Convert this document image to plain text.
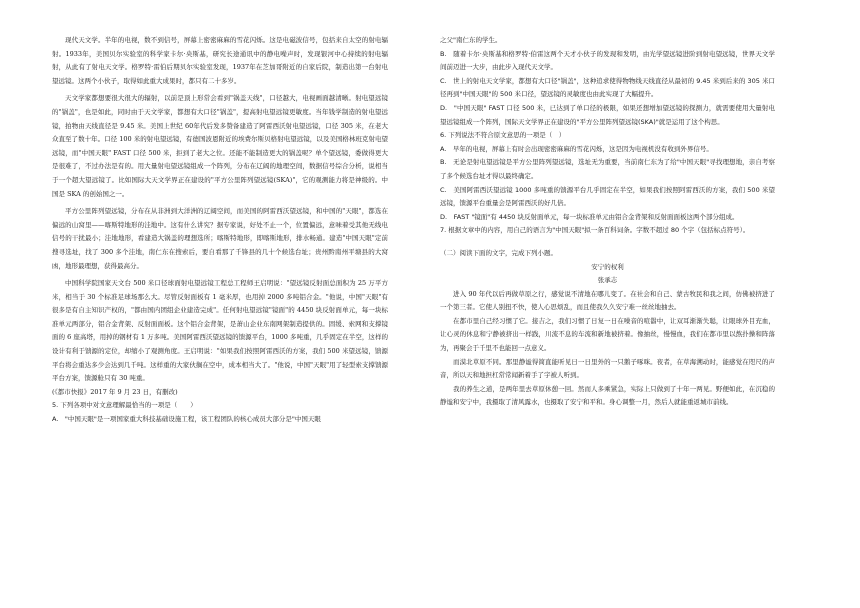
现代天文学。半年的电视，数不到信号，屏幕上密密麻麻的雪花闪烁。这是电磁波信号，包括来自太空的射电辐射。1933年，美国贝尔实验室的科学家卡尔·央斯基，研究长途通讯中的静电噪声时，发现银河中心持续的射电辐射，从此有了射电天文学。格罗特·雷伯后期贝尔实验室发现，1937年在芝加哥附近的自家后院，制造出第一台射电望远镜。这两个小伙子，取得如此重大成果时，都只有二十多岁。

天文学家都想要很大很大的辐射，以前是顶上形常会看到"锅盖天线"，口径越大，电视画面越清晰。射电望远镜的"锅盖"，也是如此，同时由于天文学家，都想有大口径"锅盖"，提高射电望远镜更敏度。当年钱学制造的射电望远镜，拍物由天线直径是 9.45 米。美国上世纪 60年代后发多赞备建造了阿雷西沃射电望远镜，口径 305 米，在老大众直至了数十年。口径 100 米的射电望远镜，有德国波恩附近的埃费尔斯贝格射电望远镜，以及美国格林班克射电望远镜，而"中国天眼" FAST 口径 500 米，拒到了老大之位。还能不能制造更大的锅盖呢？单个望远镜，委做得更大是很难了，不过办法是有的。用大量射电望远镜组成一个阵列，分布在辽阔的地理空间，数据信号综合分析，说相当于一个超大望远镜了。比如国际大天文学界正在建设的"平方公里阵列望远镜(SKA)"，它的观测能力将是神级的。中国是 SKA 的创始国之一。

平方公里阵列望远镜，分布在从非洲到大洋洲的辽阔空间，而美国的阿雷西沃望远镜，和中国的"天眼"，都选在偏远的山窝里——喀斯特地形的洼地中。这有什么讲究？据专家说，好处不止一个，位置偏远，意味着受其他无线电信号的干扰最小；洼地地形，看建造大锅盖的理想选所；喀斯特地形，即喀斯地形，排水畅通。建造"中国天眼"定前搜寻选址，找了 300 多个洼地，南仁东在搜索后，要自看那了千锋县的几十个候选台址；贵州黔南州平塘县的大窝凼，地形最理想，获得最高分。

中国科学院国家天文台 500 米口径球面射电望远镜工程总工程师王启明说："望远镜反射面总面积为 25 万平方米，相当于 30 个标准足球场那么大。尽管反射面板有 1 毫米厚，也用掉 2000 多吨铝合金。"他说，中国"天眼"有很多是有自主知识产权的，"都由国内团组企业建造完成"。任何射电望远镜"镜面"的 4450 块反射面单元，每一块标准单元两部分，铝合金背架、反射面面板。这个铝合金背架，是萧山企业东南网架制造提供的。固缓、索网和支撑镜面的 6 座高塔，用掉的钢材有 1 万多吨。美国阿雷西沃望远镜的馈源平台，1000 多吨重，几乎固定在半空，这样的设计有利于馈源的定位，却缩小了观测角度。王启明说："如果我们按照阿雷西沃的方案，我们 500 米望远镜，馈源平台将会重达多少会达到几千吨。这样重的大家伙搁在空中，成本相当大了。"他说，中国"天眼"用了轻型索支撑馈源平台方案，馈源舱只有 30 吨重。

(《都市快报》2017 年 9 月 23 日，有删改)

5. 下列各项中对文意理解最恰当的一项是（　　）

A.　"中国天眼"是一项国家重大科技基础设施工程，该工程团队的核心成员大部分是"中国天眼

之父"南仁东的学生。

B.　随着卡尔·央斯基和格罗特·伯雷这两个天才小伙子的发现和发明，由光学望远镜进阶到射电望远镜，世界天文学间前迈进一大步，由此步入现代天文学。

C.　世上的射电天文学家，都想有大口径"锅盖"，这种追求使得物物线天线直径从最初的 9.45 米到后来的 305 米口径再到"中国天眼"的 500 米口径，望远镜的灵敏度也由此实现了大幅提升。

D.　"中国天眼" FAST 口径 500 米，已达到了单口径的极限，如果还想增加望远镜的探测力，就需要使用大量射电望远镜组成一个阵列，国际天文学界正在建设的"平方公里阵列望远镜(SKA)"就是运用了这个构思。

6. 下列说法不符合原文意思的一项是（　）

A.　早年的电视，屏幕上有时会出现密密麻麻的雪花闪烁，这是因为电视机没有收到外界信号。

B.　无论是射电望远镜是平方公里阵列望远镜，选址无为重要，当前南仁东为了给"中国天眼"寻找理想地，亲自考察了多个候选台址才得以最终确定。

C.　美国阿雷西沃望远镜 1000 多吨重的馈源平台几乎固定在半空，如果我们按照阿雷西沃的方案，我们 500 米望远镜，馈源平台重量会是阿雷西沃的好几倍。

D.　FAST "镜面"有 4450 块反射面单元，每一块标准单元由铝合金背架和反射面面板这两个部分组成。

7. 根据文章中的内容，用自己的语言为"中国天眼"拟一条百科词条。字数不超过 80 个字（包括标点符号）。

（二）阅读下面的文字，完成下列小题。

安宁的权利

张承志

进入 90 年代以后再做草原之行，感觉说不清地在哪儿变了。在社会和自己、蒙古牧民和我之间，仿佛被挤进了一个第三者。它使人别扭不快，使人心思烦乱，而且使我久久安宁难一丝丝地抽去。

在都市里自己经习惯了它。接吉之，我们习惯了日复一日在噪音的喧嚣中，让双耳渐渐失聪，让眼球外目充血，让心灵的休息和宁静被挤出一样践，川流不息的车流和新地被挤着。像抽丝，慢慢血，我们在都市里以熬扑操和阵落为，再聚会于千里不也能回一点意义。

而漠北草原不同。那里静谧得简直能听见日一日里外的一只鹅子啄咪。夜者，在草海溯动时，能感觉在咫尺的声音，所以天和地担杠常常闻新着手了宇被人听到。

我的养生之道，是两年里去草原休憩一回。然而人多乘紧急，实际上只做到了十年一两见。野便如此，在沉稳的静谧和安宁中，我摄取了清风露水，也摄取了安宁和平和。身心调整一月，然后人就能重返城市前线。
